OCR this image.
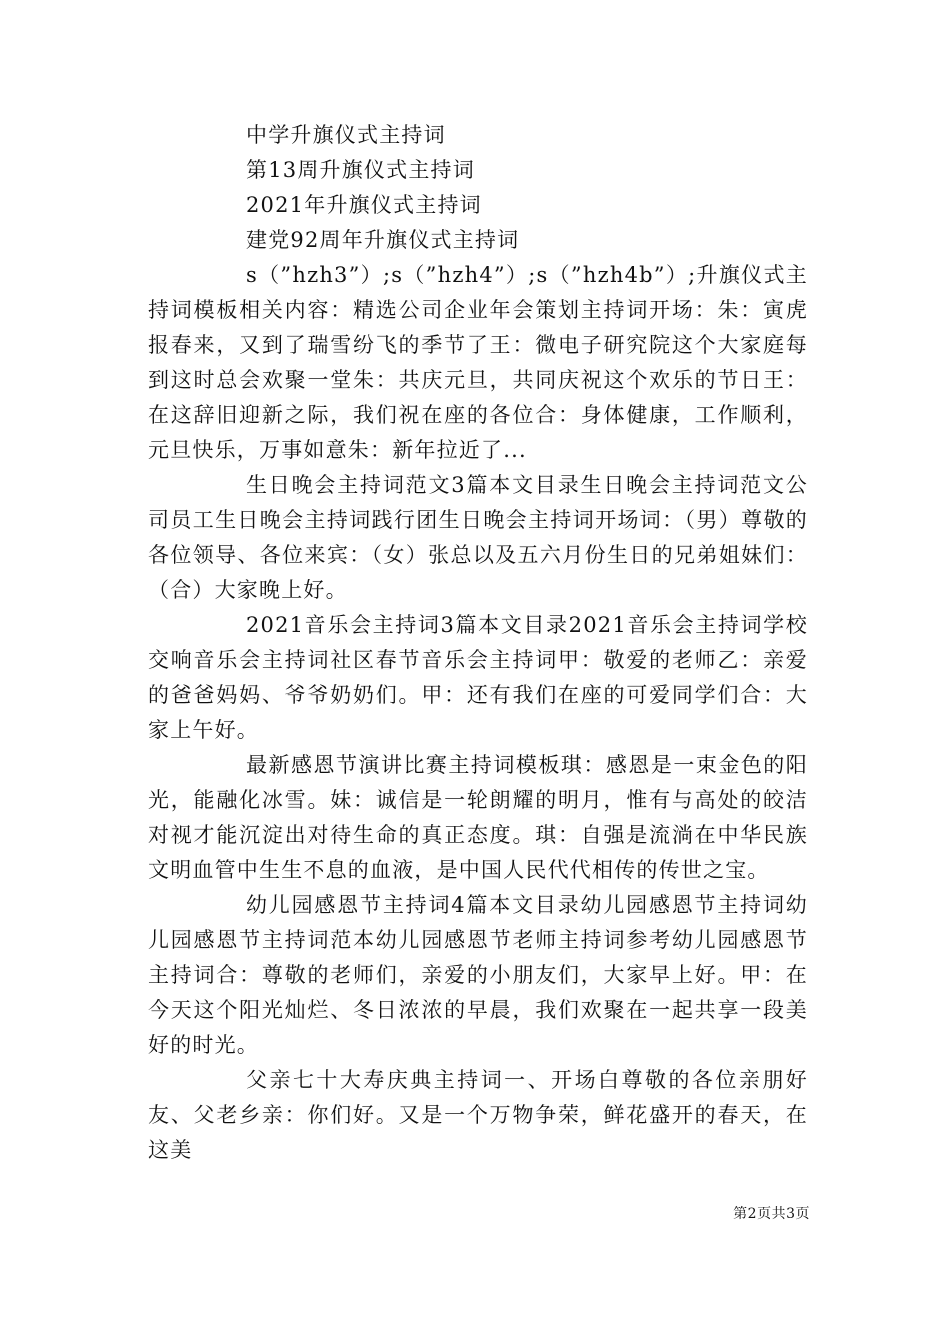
中学升旗仪式主持词

第13周升旗仪式主持词

2021年升旗仪式主持词

建党92周年升旗仪式主持词

s（”hzh3”）;s（”hzh4”）;s（”hzh4b”）;升旗仪式主持词模板相关内容：精选公司企业年会策划主持词开场：朱：寅虎报春来，又到了瑞雪纷飞的季节了王：微电子研究院这个大家庭每到这时总会欢聚一堂朱：共庆元旦，共同庆祝这个欢乐的节日王：在这辞旧迎新之际，我们祝在座的各位合：身体健康，工作顺利，元旦快乐，万事如意朱：新年拉近了...

生日晚会主持词范文3篇本文目录生日晚会主持词范文公司员工生日晚会主持词践行团生日晚会主持词开场词：（男）尊敬的各位领导、各位来宾：（女）张总以及五六月份生日的兄弟姐妹们：（合）大家晚上好。

2021音乐会主持词3篇本文目录2021音乐会主持词学校交响音乐会主持词社区春节音乐会主持词甲：敬爱的老师乙：亲爱的爸爸妈妈、爷爷奶奶们。甲：还有我们在座的可爱同学们合：大家上午好。

最新感恩节演讲比赛主持词模板琪：感恩是一束金色的阳光，能融化冰雪。妹：诚信是一轮朗耀的明月，惟有与高处的皎洁对视才能沉淀出对待生命的真正态度。琪：自强是流淌在中华民族文明血管中生生不息的血液，是中国人民代代相传的传世之宝。

幼儿园感恩节主持词4篇本文目录幼儿园感恩节主持词幼儿园感恩节主持词范本幼儿园感恩节老师主持词参考幼儿园感恩节主持词合：尊敬的老师们，亲爱的小朋友们，大家早上好。甲：在今天这个阳光灿烂、冬日浓浓的早晨，我们欢聚在一起共享一段美好的时光。

父亲七十大寿庆典主持词一、开场白尊敬的各位亲朋好友、父老乡亲：你们好。又是一个万物争荣，鲜花盛开的春天，在这美

第2页共3页
